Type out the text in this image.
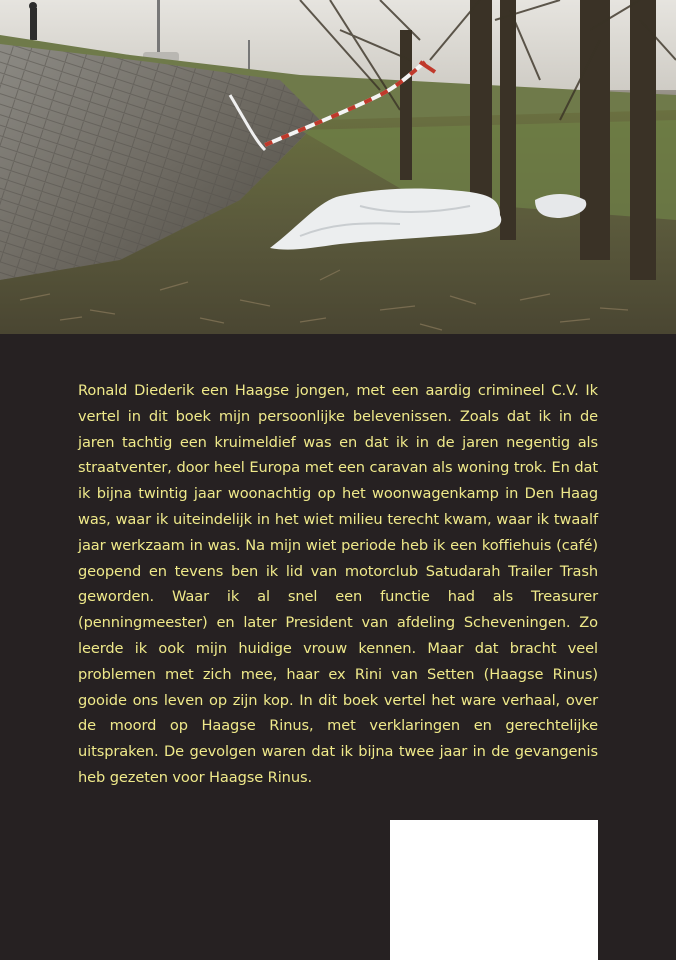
Ronald Diederik een Haagse jongen, met een aardig crimineel C.V. Ik vertel in dit boek mijn persoonlijke belevenissen. Zoals dat ik in de jaren tachtig een kruimeldief was en dat ik in de jaren negentig als straatventer, door heel Europa met een caravan als woning trok. En dat ik bijna twintig jaar woonachtig op het woonwagenkamp in Den Haag was, waar ik uiteindelijk in het wiet milieu terecht kwam, waar ik twaalf jaar werkzaam in was. Na mijn wiet periode heb ik een koffiehuis (café) geopend en tevens ben ik lid van motorclub Satudarah Trailer Trash geworden. Waar ik al snel een functie had als Treasurer (penningmeester) en later President van afdeling Scheveningen. Zo leerde ik ook mijn huidige vrouw kennen. Maar dat bracht veel problemen met zich mee, haar ex Rini van Setten (Haagse Rinus) gooide ons leven op zijn kop. In dit boek vertel het ware verhaal, over de moord op Haagse Rinus, met verklaringen en gerechtelijke uitspraken. De gevolgen waren dat ik bijna twee jaar in de gevangenis heb gezeten voor Haagse Rinus.
